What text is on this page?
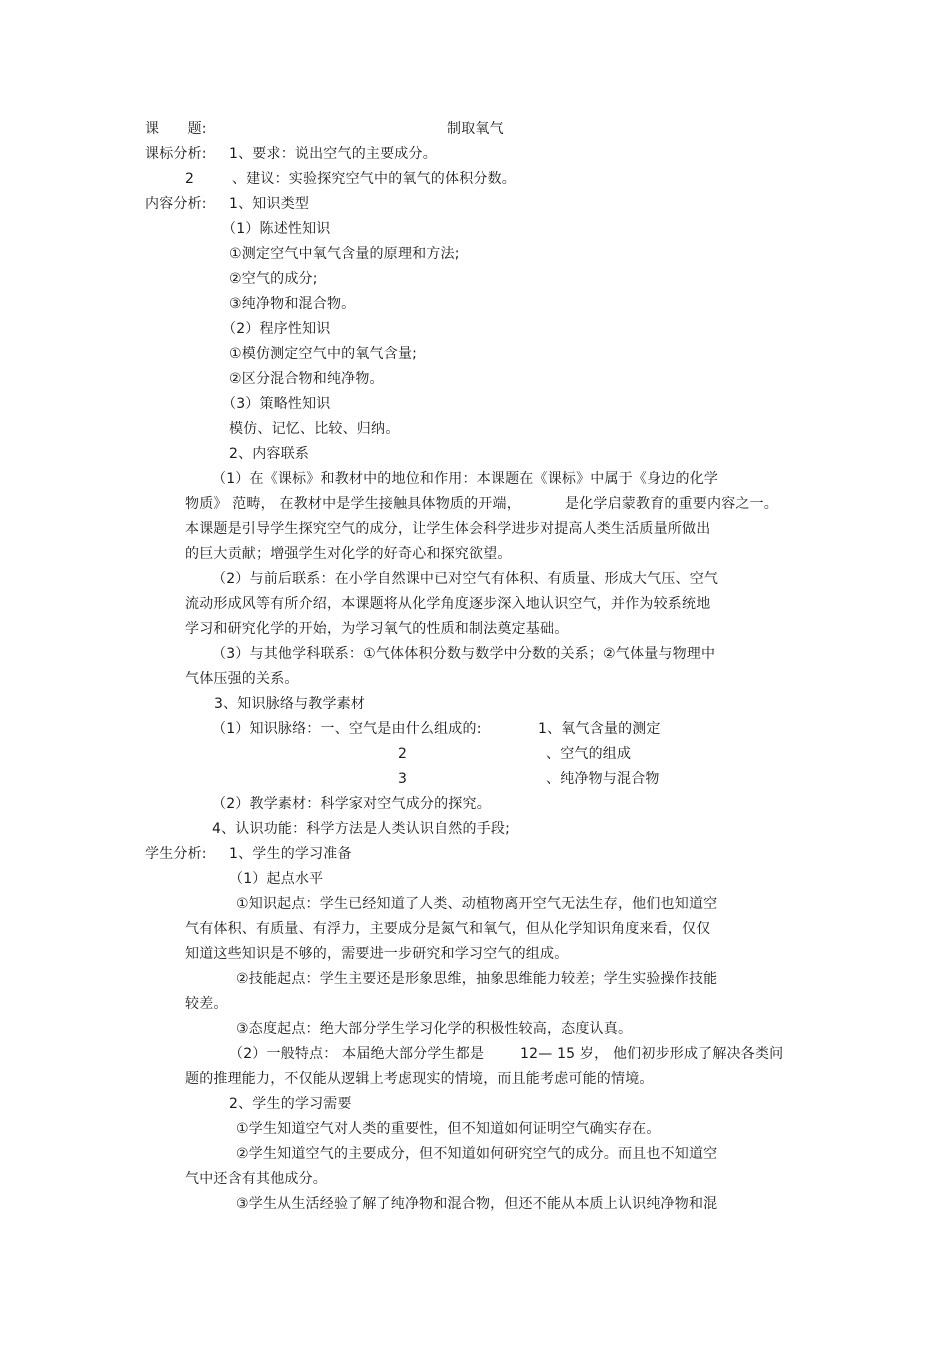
课　　题:	制取氧气
课标分析: 1、要求：说出空气的主要成分。
2	、建议：实验探究空气中的氧气的体积分数。
内容分析: 1、知识类型
（1）陈述性知识
①测定空气中氧气含量的原理和方法;
②空气的成分;
③纯净物和混合物。
（2）程序性知识
①模仿测定空气中的氧气含量;
②区分混合物和纯净物。
（3）策略性知识
模仿、记忆、比较、归纳。
2、内容联系
（1）在《课标》和教材中的地位和作用：本课题在《课标》中属于《身边的化学
物质》 范畴， 在教材中是学生接触具体物质的开端，	是化学启蒙教育的重要内容之一。
本课题是引导学生探究空气的成分，让学生体会科学进步对提高人类生活质量所做出
的巨大贡献；增强学生对化学的好奇心和探究欲望。
（2）与前后联系：在小学自然课中已对空气有体积、有质量、形成大气压、空气
流动形成风等有所介绍，本课题将从化学角度逐步深入地认识空气，并作为较系统地
学习和研究化学的开始，为学习氧气的性质和制法奠定基础。
（3）与其他学科联系：①气体体积分数与数学中分数的关系；②气体量与物理中
气体压强的关系。
3、知识脉络与教学素材
（1）知识脉络：一、空气是由什么组成的:	1、氧气含量的测定
2	、空气的组成
3	、纯净物与混合物
（2）教学素材：科学家对空气成分的探究。
4、认识功能：科学方法是人类认识自然的手段;
学生分析: 1、学生的学习准备
（1）起点水平
①知识起点：学生已经知道了人类、动植物离开空气无法生存，他们也知道空
气有体积、有质量、有浮力，主要成分是氮气和氧气，但从化学知识角度来看，仅仅
知道这些知识是不够的，需要进一步研究和学习空气的组成。
②技能起点：学生主要还是形象思维，抽象思维能力较差；学生实验操作技能
较差。
③态度起点：绝大部分学生学习化学的积极性较高，态度认真。
（2）一般特点： 本届绝大部分学生都是	12— 15 岁， 他们初步形成了解决各类问
题的推理能力，不仅能从逻辑上考虑现实的情境，而且能考虑可能的情境。
2、学生的学习需要
①学生知道空气对人类的重要性，但不知道如何证明空气确实存在。
②学生知道空气的主要成分，但不知道如何研究空气的成分。而且也不知道空
气中还含有其他成分。
③学生从生活经验了解了纯净物和混合物，但还不能从本质上认识纯净物和混
